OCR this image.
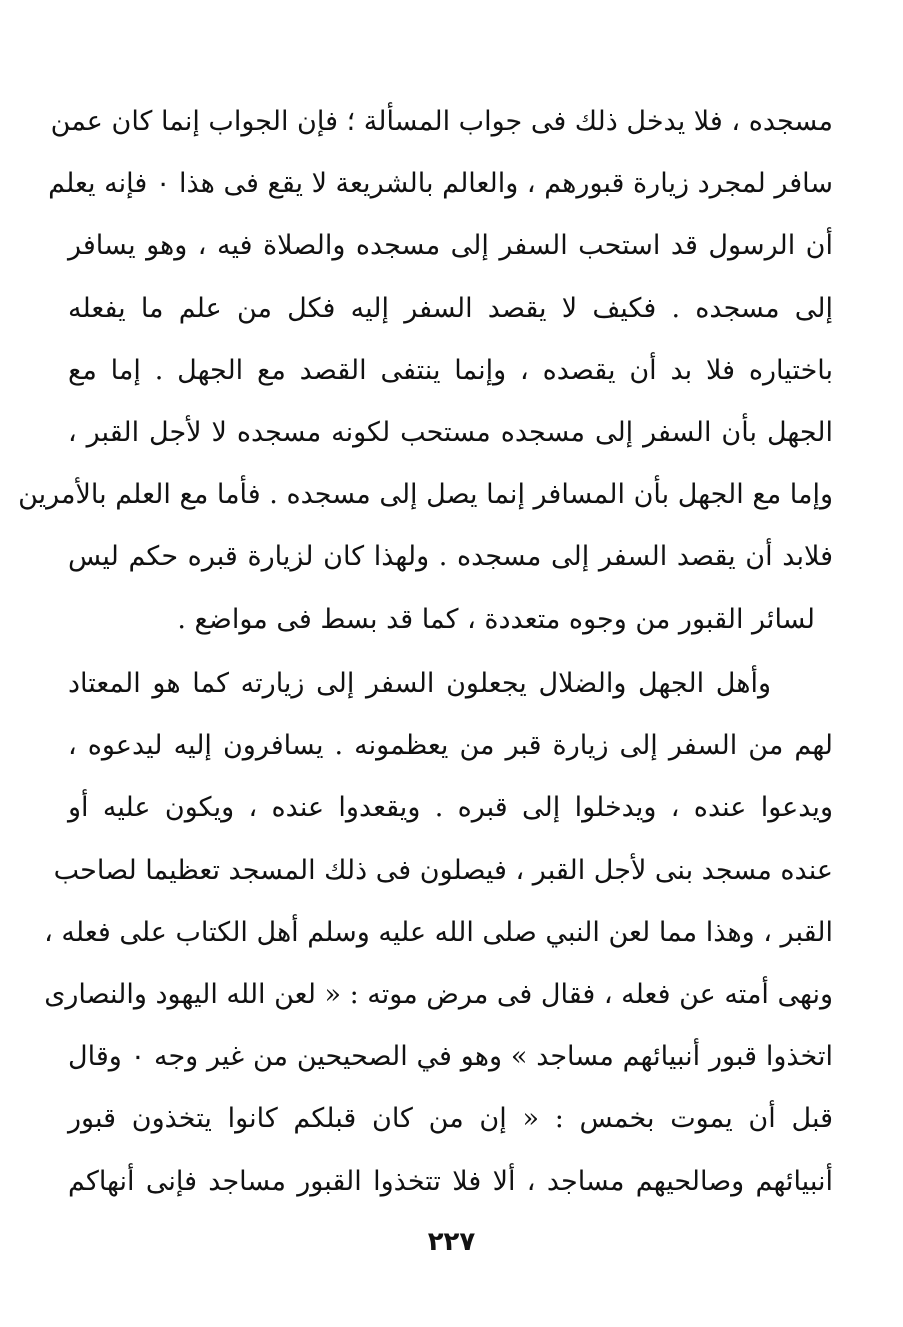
مسجده ، فلا يدخل ذلك فى جواب المسألة ؛ فإن الجواب إنما كان عمن
سافر لمجرد زيارة قبورهم ، والعالم بالشريعة لا يقع فى هذا ٠ فإنه يعلم
أن الرسول قد استحب السفر إلى مسجده والصلاة فيه ، وهو يسافر
إلى مسجده . فكيف لا يقصد السفر إليه فكل من علم ما يفعله
باختياره فلا بد أن يقصده ، وإنما ينتفى القصد مع الجهل . إما مع
الجهل بأن السفر إلى مسجده مستحب لكونه مسجده لا لأجل القبر ،
وإما مع الجهل بأن المسافر إنما يصل إلى مسجده . فأما مع العلم بالأمرين
فلابد أن يقصد السفر إلى مسجده . ولهذا كان لزيارة قبره حكم ليس
لسائر القبور من وجوه متعددة ، كما قد بسط فى مواضع .
وأهل الجهل والضلال يجعلون السفر إلى زيارته كما هو المعتاد
لهم من السفر إلى زيارة قبر من يعظمونه . يسافرون إليه ليدعوه ،
ويدعوا عنده ، ويدخلوا إلى قبره . ويقعدوا عنده ، ويكون عليه أو
عنده مسجد بنى لأجل القبر ، فيصلون فى ذلك المسجد تعظيما لصاحب
القبر ، وهذا مما لعن النبي صلى الله عليه وسلم أهل الكتاب على فعله ،
ونهى أمته عن فعله ، فقال فى مرض موته : « لعن الله اليهود والنصارى
اتخذوا قبور أنبيائهم مساجد » وهو في الصحيحين من غير وجه ٠ وقال
قبل أن يموت بخمس : « إن من كان قبلكم كانوا يتخذون قبور
أنبيائهم وصالحيهم مساجد ، ألا فلا تتخذوا القبور مساجد فإنى أنهاكم
٢٢٧
